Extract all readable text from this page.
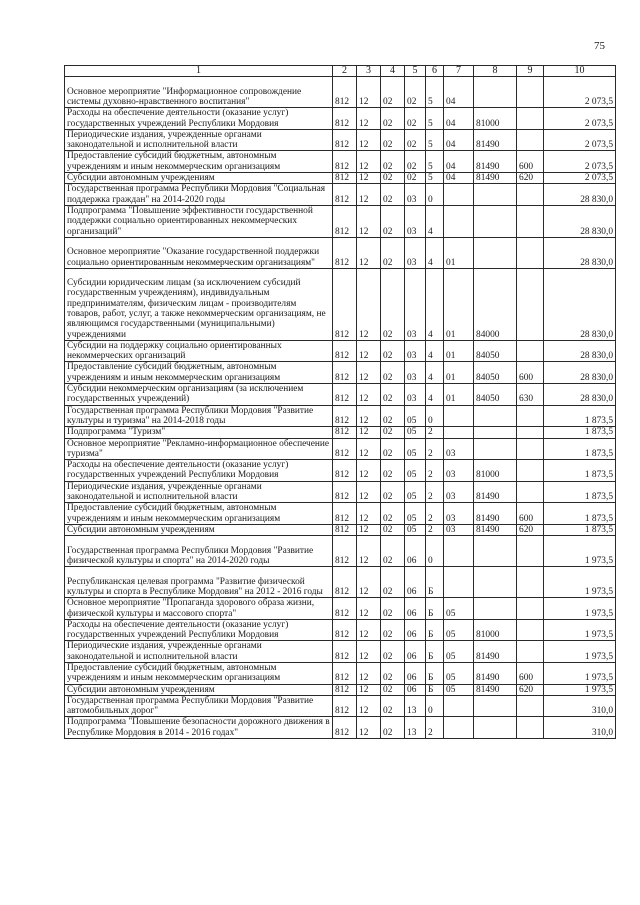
75
1	2	3	4	5	6	7	8	9	10
Основное мероприятие "Информационное сопровождение системы духовно-нравственного воспитания"	812	12	02	02	5	04			2 073,5
Расходы на обеспечение деятельности (оказание услуг) государственных учреждений Республики Мордовия	812	12	02	02	5	04	81000		2 073,5
Периодические издания, учрежденные органами законодательной и исполнительной власти	812	12	02	02	5	04	81490		2 073,5
Предоставление субсидий бюджетным, автономным учреждениям и иным некоммерческим организациям	812	12	02	02	5	04	81490	600	2 073,5
Субсидии автономным учреждениям	812	12	02	02	5	04	81490	620	2 073,5
Государственная программа Республики Мордовия "Социальная поддержка граждан" на 2014-2020 годы	812	12	02	03	0				28 830,0
Подпрограмма "Повышение эффективности государственной поддержки социально ориентированных некоммерческих организаций"	812	12	02	03	4				28 830,0
Основное мероприятие "Оказание государственной поддержки социально ориентированным некоммерческим организациям"	812	12	02	03	4	01			28 830,0
Субсидии юридическим лицам (за исключением субсидий государственным учреждениям), индивидуальным предпринимателям, физическим лицам - производителям товаров, работ, услуг, а также некоммерческим организациям, не являющимся государственными (муниципальными) учреждениями	812	12	02	03	4	01	84000		28 830,0
Субсидии на поддержку социально ориентированных некоммерческих организаций	812	12	02	03	4	01	84050		28 830,0
Предоставление субсидий бюджетным, автономным учреждениям и иным некоммерческим организациям	812	12	02	03	4	01	84050	600	28 830,0
Субсидии некоммерческим организациям (за исключением государственных учреждений)	812	12	02	03	4	01	84050	630	28 830,0
Государственная программа Республики Мордовия "Развитие культуры и туризма" на 2014-2018 годы	812	12	02	05	0				1 873,5
Подпрограмма "Туризм"	812	12	02	05	2				1 873,5
Основное мероприятие "Рекламно-информационное обеспечение туризма"	812	12	02	05	2	03			1 873,5
Расходы на обеспечение деятельности (оказание услуг) государственных учреждений Республики Мордовия	812	12	02	05	2	03	81000		1 873,5
Периодические издания, учрежденные органами законодательной и исполнительной власти	812	12	02	05	2	03	81490		1 873,5
Предоставление субсидий бюджетным, автономным учреждениям и иным некоммерческим организациям	812	12	02	05	2	03	81490	600	1 873,5
Субсидии автономным учреждениям	812	12	02	05	2	03	81490	620	1 873,5
Государственная программа Республики Мордовия "Развитие физической культуры и спорта" на 2014-2020 годы	812	12	02	06	0				1 973,5
Республиканская целевая программа "Развитие физической культуры и спорта в Республике Мордовия" на 2012 - 2016 годы	812	12	02	06	Б				1 973,5
Основное мероприятие "Пропаганда здорового образа жизни, физической культуры и массового спорта"	812	12	02	06	Б	05			1 973,5
Расходы на обеспечение деятельности (оказание услуг) государственных учреждений Республики Мордовия	812	12	02	06	Б	05	81000		1 973,5
Периодические издания, учрежденные органами законодательной и исполнительной власти	812	12	02	06	Б	05	81490		1 973,5
Предоставление субсидий бюджетным, автономным учреждениям и иным некоммерческим организациям	812	12	02	06	Б	05	81490	600	1 973,5
Субсидии автономным учреждениям	812	12	02	06	Б	05	81490	620	1 973,5
Государственная программа Республики Мордовия "Развитие автомобильных дорог"	812	12	02	13	0				310,0
Подпрограмма "Повышение безопасности дорожного движения в Республике Мордовия в 2014 - 2016 годах"	812	12	02	13	2				310,0
